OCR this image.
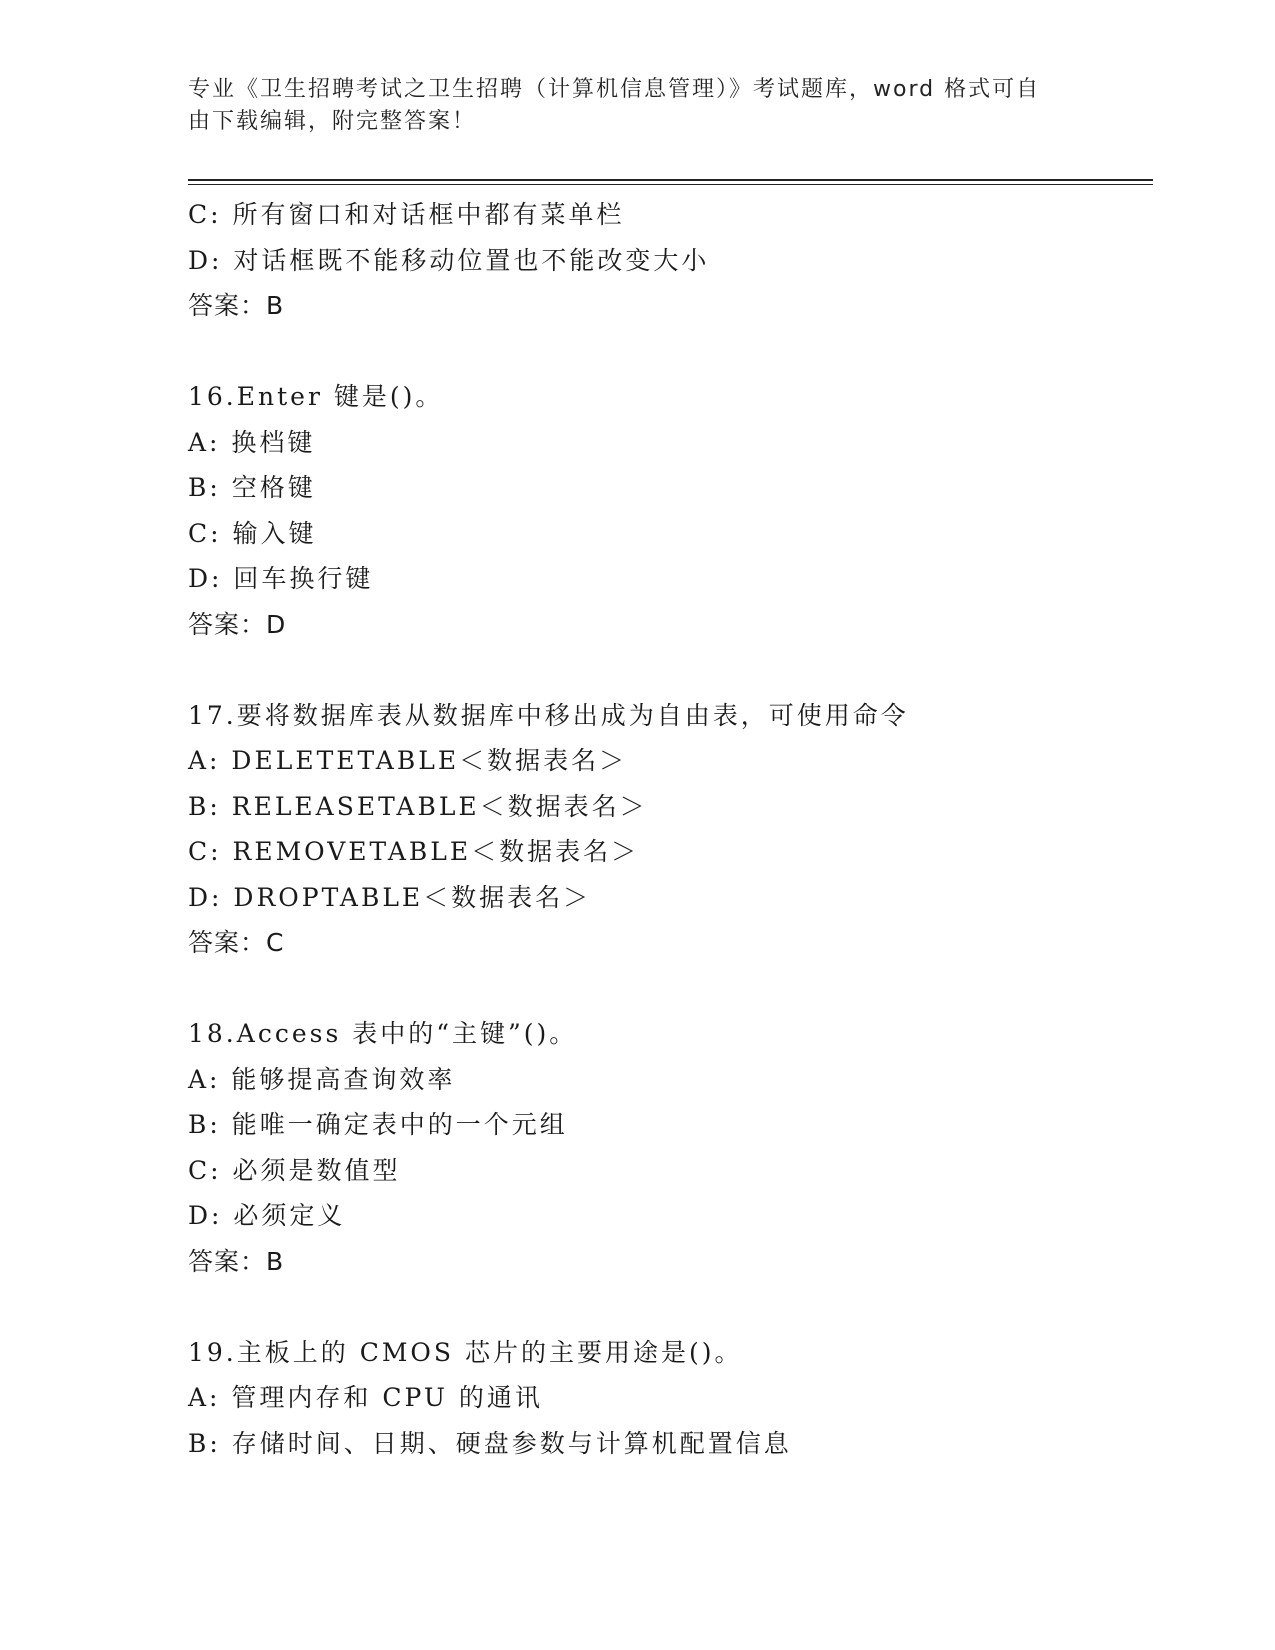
专业《卫生招聘考试之卫生招聘（计算机信息管理）》考试题库，word 格式可自
由下载编辑，附完整答案！
C: 所有窗口和对话框中都有菜单栏
D: 对话框既不能移动位置也不能改变大小
答案：B
16.Enter 键是()。
A: 换档键
B: 空格键
C: 输入键
D: 回车换行键
答案：D
17.要将数据库表从数据库中移出成为自由表，可使用命令
A: DELETETABLE＜数据表名＞
B: RELEASETABLE＜数据表名＞
C: REMOVETABLE＜数据表名＞
D: DROPTABLE＜数据表名＞
答案：C
18.Access 表中的“主键”()。
A: 能够提高查询效率
B: 能唯一确定表中的一个元组
C: 必须是数值型
D: 必须定义
答案：B
19.主板上的 CMOS 芯片的主要用途是()。
A: 管理内存和 CPU 的通讯
B: 存储时间、日期、硬盘参数与计算机配置信息
